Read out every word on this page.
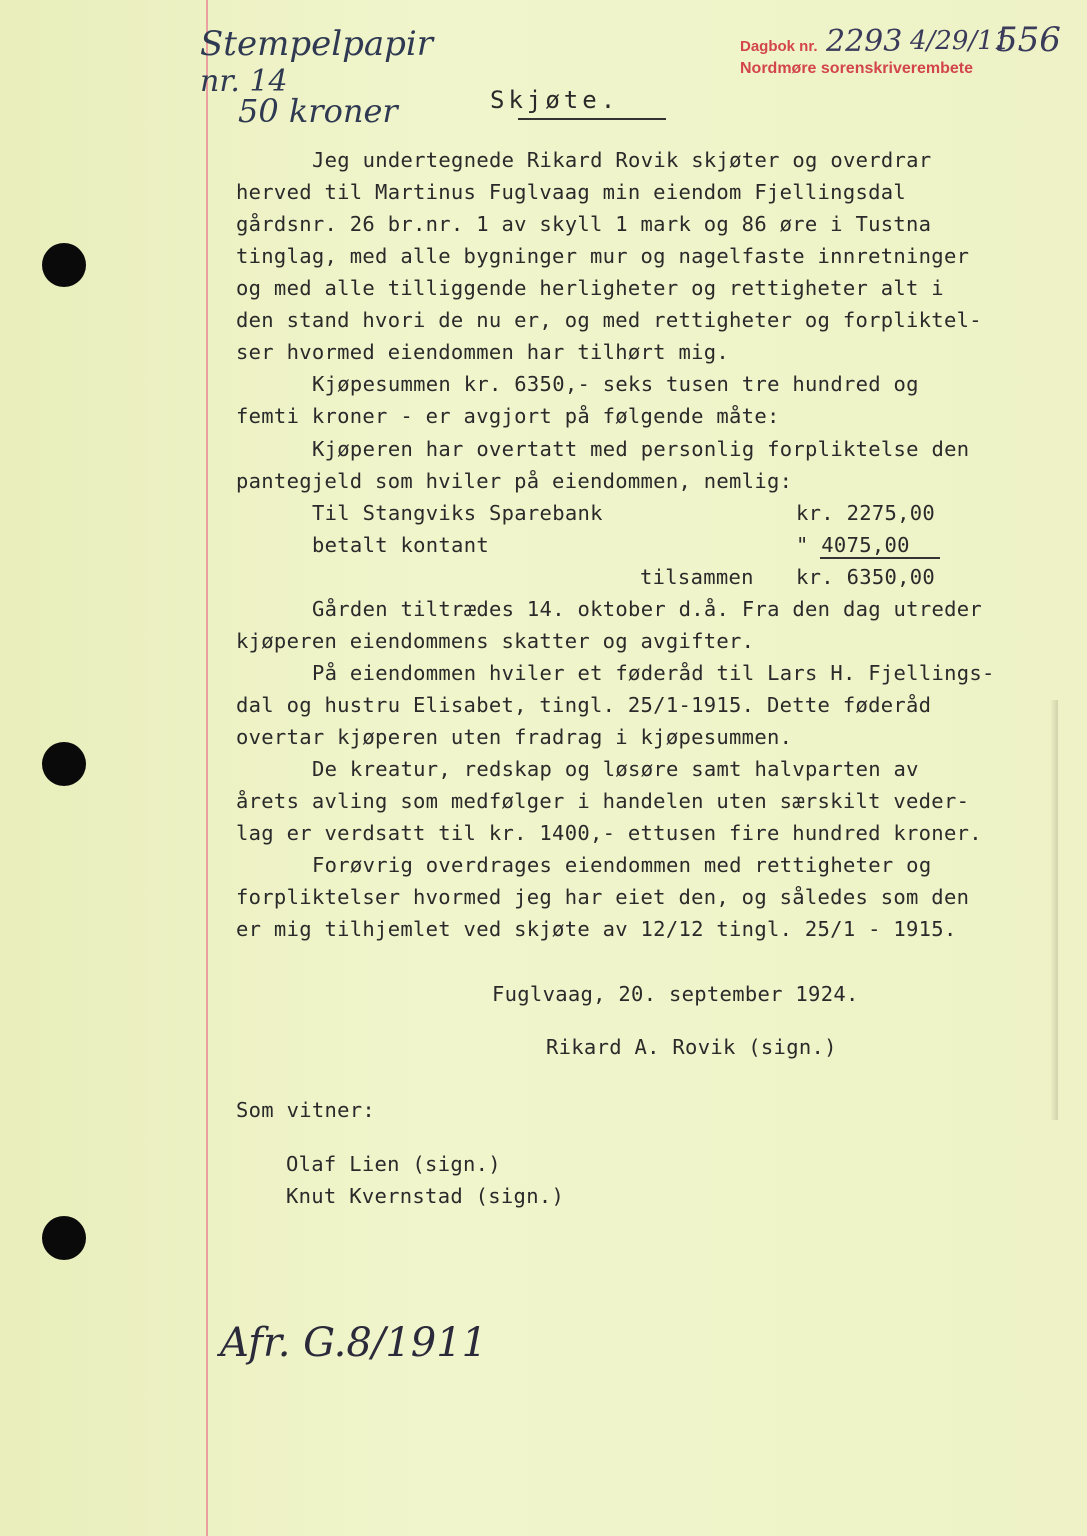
Stempelpapir
nr. 14
50 kroner
Dagbok nr. 2293 4/29/11
556
Nordmøre sorenskriverembete
Skjøte.
Jeg undertegnede Rikard Rovik skjøter og overdrar
herved til Martinus Fuglvaag min eiendom Fjellingsdal
gårdsnr. 26 br.nr. 1 av skyll 1 mark og 86 øre i Tustna
tinglag, med alle bygninger mur og nagelfaste innretninger
og med alle tilliggende herligheter og rettigheter alt i
den stand hvori de nu er, og med rettigheter og forpliktel-
ser hvormed eiendommen har tilhørt mig.
Kjøpesummen kr. 6350,- seks tusen tre hundred og
femti kroner - er avgjort på følgende måte:
Kjøperen har overtatt med personlig forpliktelse den
pantegjeld som hviler på eiendommen, nemlig:
Til Stangviks Sparebank	kr. 2275,00
betalt kontant	" 4075,00
tilsammen kr. 6350,00
Gården tiltrædes 14. oktober d.å. Fra den dag utreder
kjøperen eiendommens skatter og avgifter.
På eiendommen hviler et føderåd til Lars H. Fjellings-
dal og hustru Elisabet, tingl. 25/1-1915. Dette føderåd
overtar kjøperen uten fradrag i kjøpesummen.
De kreatur, redskap og løsøre samt halvparten av
årets avling som medfølger i handelen uten særskilt veder-
lag er verdsatt til kr. 1400,- ettusen fire hundred kroner.
Forøvrig overdrages eiendommen med rettigheter og
forpliktelser hvormed jeg har eiet den, og således som den
er mig tilhjemlet ved skjøte av 12/12 tingl. 25/1 - 1915.
Fuglvaag, 20. september 1924.
Rikard A. Rovik (sign.)
Som vitner:
Olaf Lien (sign.)
Knut Kvernstad (sign.)
Afr. G.8/1911
